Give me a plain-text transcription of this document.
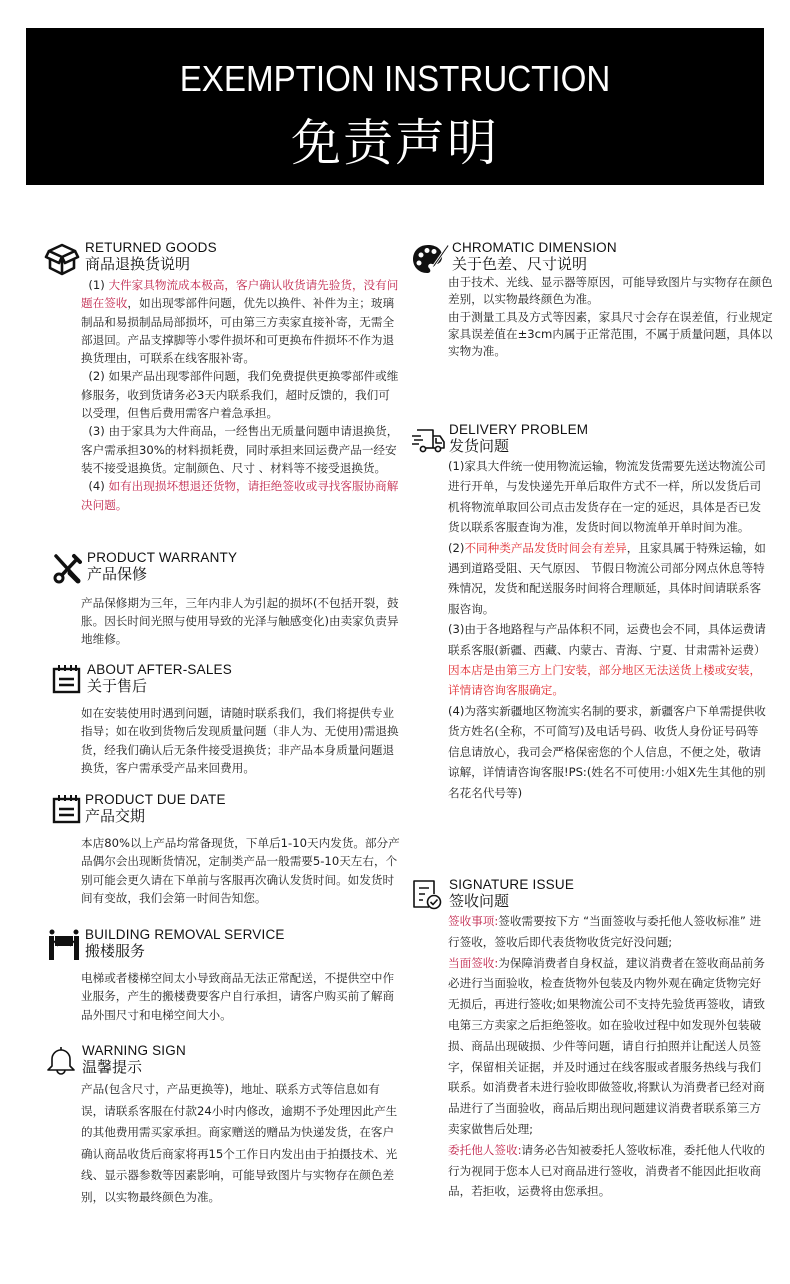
EXEMPTION INSTRUCTION
免责声明
RETURNED GOODS
商品退换货说明

(1) 大件家具物流成本极高，客户确认收货请先验货，没有问题在签收，如出现零部件问题，优先以换件、补件为主；玻璃制品和易损制品局部损坏，可由第三方卖家直接补寄，无需全部退回。产品支撑脚等小零件损坏和可更换布件损坏不作为退换货理由，可联系在线客服补寄。

(2) 如果产品出现零部件问题，我们免费提供更换零部件或维修服务，收到货请务必3天内联系我们，超时反馈的，我们可以受理，但售后费用需客户着急承担。

(3) 由于家具为大件商品，一经售出无质量问题申请退换货，客户需承担30%的材料损耗费，同时承担来回运费产品一经安装不接受退换货。定制颜色、尺寸 、材料等不接受退换货。

(4) 如有出现损坏想退还货物，请拒绝签收或寻找客服协商解决问题。

PRODUCT WARRANTY
产品保修
产品保修期为三年，三年内非人为引起的损坏(不包括开裂，鼓胀。因长时间光照与使用导致的光泽与触感变化)由卖家负责异地维修。
ABOUT AFTER-SALES
关于售后
如在安装使用时遇到问题，请随时联系我们，我们将提供专业指导；如在收到货物后发现质量问题（非人为、无使用)需退换货，经我们确认后无条件接受退换货；非产品本身质量问题退换货，客户需承受产品来回费用。
PRODUCT DUE DATE
产品交期
本店80%以上产品均常备现货，下单后1-10天内发货。部分产品偶尔会出现断货情况，定制类产品一般需要5-10天左右，个别可能会更久请在下单前与客服再次确认发货时间。如发货时间有变故，我们会第一时间告知您。
BUILDING REMOVAL SERVICE
搬楼服务
电梯或者楼梯空间太小导致商品无法正常配送，不提供空中作业服务，产生的搬楼费要客户自行承担，请客户购买前了解商品外围尺寸和电梯空间大小。
WARNING SIGN
温馨提示
产品(包含尺寸，产品更换等)，地址、联系方式等信息如有误，请联系客服在付款24小时内修改，逾期不予处理因此产生的其他费用需买家承担。商家赠送的赠品为快递发货，在客户确认商品收货后商家将再15个工作日内发出由于拍摄技术、光线、显示器参数等因素影响，可能导致图片与实物存在颜色差别，以实物最终颜色为准。
CHROMATIC DIMENSION
关于色差、尺寸说明

由于技术、光线、显示器等原因，可能导致图片与实物存在颜色差别，以实物最终颜色为准。

由于测量工具及方式等因素，家具尺寸会存在误差值，行业规定家具误差值在±3cm内属于正常范围，不属于质量问题，具体以实物为准。

DELIVERY PROBLEM
发货问题

(1)家具大件统一使用物流运输，物流发货需要先送达物流公司进行开单，与发快递先开单后取件方式不一样，所以发货后司机将物流单取回公司点击发货存在一定的延迟，具体是否已发货以联系客服查询为准，发货时间以物流单开单时间为准。

(2)不同种类产品发货时间会有差异，且家具属于特殊运输，如遇到道路受阻、天气原因、 节假日物流公司部分网点休息等特殊情况，发货和配送服务时间将合理顺延，具体时间请联系客服咨询。

(3)由于各地路程与产品体积不同，运费也会不同，具体运费请联系客服(新疆、西藏、内蒙古、青海、宁夏、甘肃需补运费）因本店是由第三方上门安装，部分地区无法送货上楼或安装，详情请咨询客服确定。

(4)为落实新疆地区物流实名制的要求，新疆客户下单需提供收货方姓名(全称，不可简写)及电话号码、收货人身份证号码等信息请放心，我司会严格保密您的个人信息，不便之处，敬请谅解，详情请咨询客服!PS:(姓名不可使用:小姐X先生其他的别名花名代号等)

SIGNATURE ISSUE
签收问题

签收事项:签收需要按下方 “当面签收与委托他人签收标准” 进行签收，签收后即代表货物收货完好没问题;

当面签收:为保障消费者自身权益，建议消费者在签收商品前务必进行当面验收，检查货物外包装及内物外观在确定货物完好无损后，再进行签收;如果物流公司不支持先验货再签收，请致电第三方卖家之后拒绝签收。如在验收过程中如发现外包装破损、商品出现破损、少件等问题，请自行拍照并让配送人员签字，保留相关证据，并及时通过在线客服或者服务热线与我们联系。如消费者未进行验收即做签收,将默认为消费者已经对商品进行了当面验收，商品后期出现问题建议消费者联系第三方卖家做售后处理;

委托他人签收:请务必告知被委托人签收标准，委托他人代收的行为视同于您本人已对商品进行签收，消费者不能因此拒收商品，若拒收，运费将由您承担。
